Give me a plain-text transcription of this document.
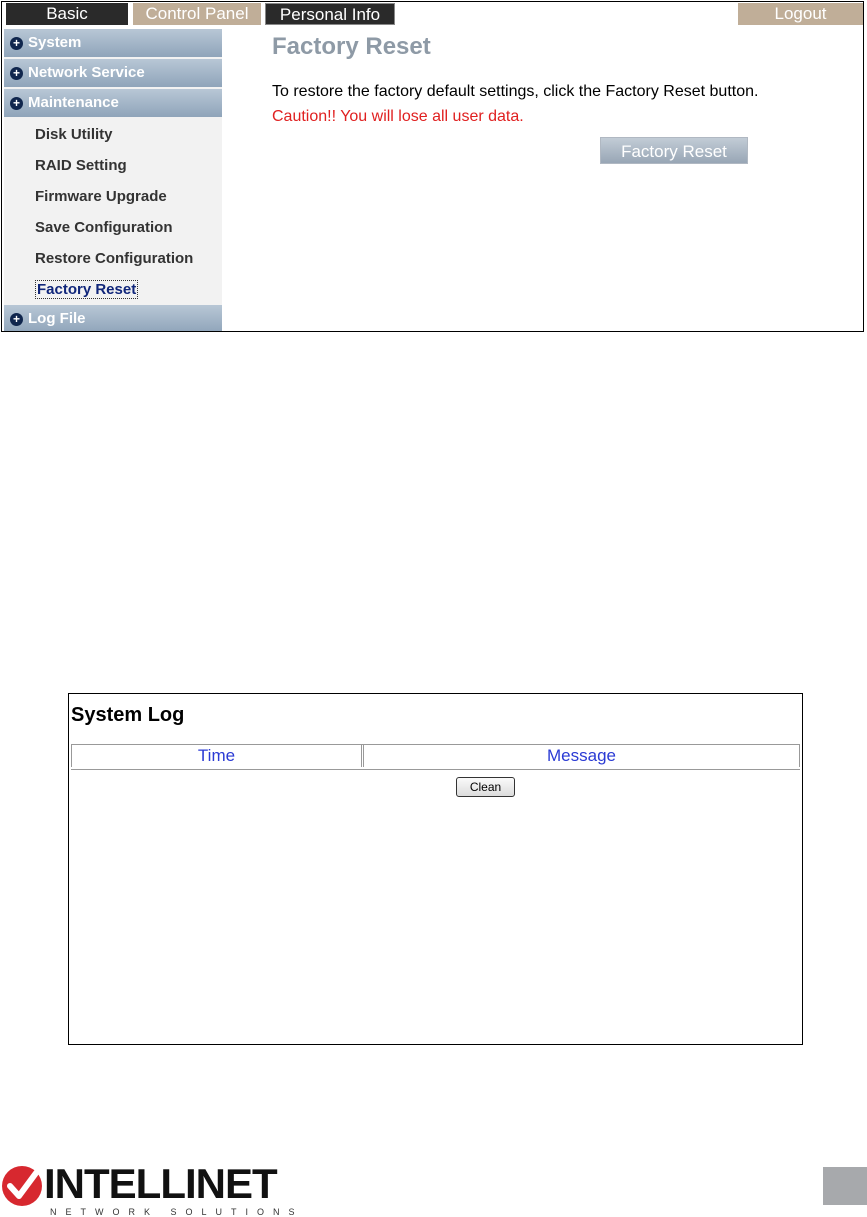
Basic	Control Panel	Personal Info	Logout
+ System
+ Network Service
+ Maintenance
Disk Utility
RAID Setting
Firmware Upgrade
Save Configuration
Restore Configuration
Factory Reset
+ Log File
Factory Reset
To restore the factory default settings, click the Factory Reset button.
Caution!! You will lose all user data.
Factory Reset
System Log
Time	Message
Clean
INTELLINET
NETWORK SOLUTIONS
